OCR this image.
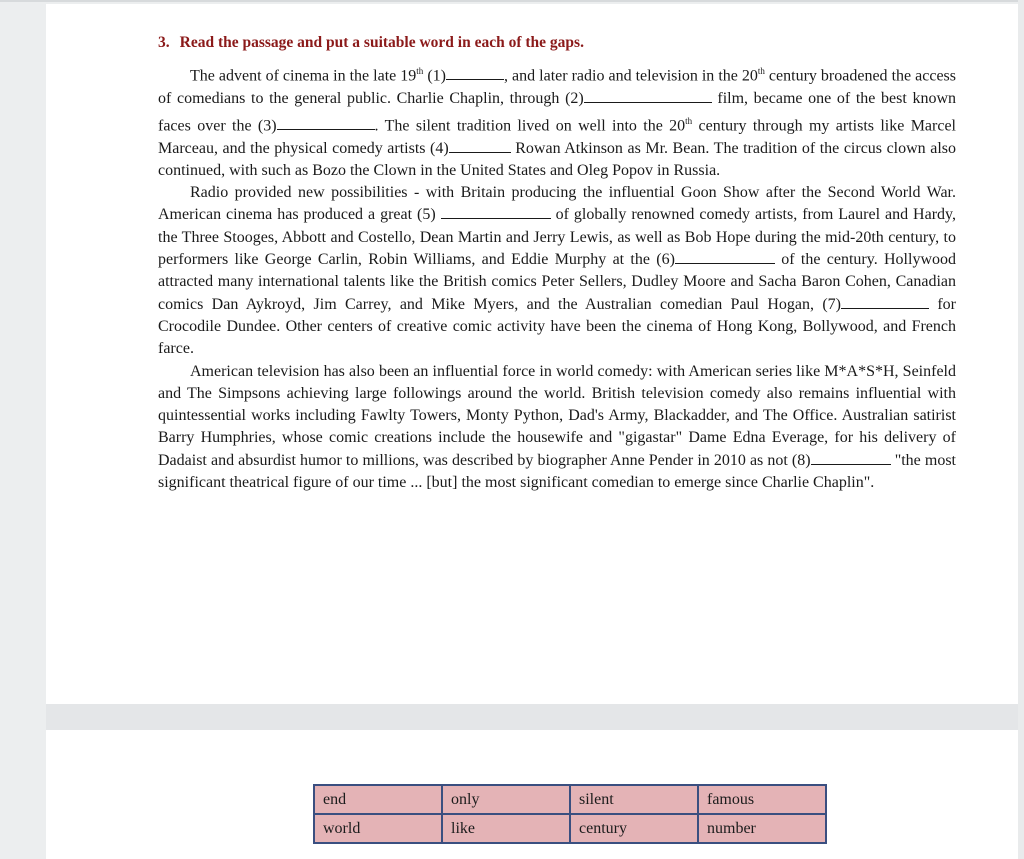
3. Read the passage and put a suitable word in each of the gaps.

The advent of cinema in the late 19th (1)	, and later radio and television in the 20th century broadened the access of comedians to the general public. Charlie Chaplin, through (2)	film, became one of the best known faces over the (3)	. The silent tradition lived on well into the 20th century through my artists like Marcel Marceau, and the physical comedy artists (4)	Rowan Atkinson as Mr. Bean. The tradition of the circus clown also continued, with such as Bozo the Clown in the United States and Oleg Popov in Russia.

Radio provided new possibilities - with Britain producing the influential Goon Show after the Second World War. American cinema has produced a great (5)	of globally renowned comedy artists, from Laurel and Hardy, the Three Stooges, Abbott and Costello, Dean Martin and Jerry Lewis, as well as Bob Hope during the mid-20th century, to performers like George Carlin, Robin Williams, and Eddie Murphy at the (6)	of the century. Hollywood attracted many international talents like the British comics Peter Sellers, Dudley Moore and Sacha Baron Cohen, Canadian comics Dan Aykroyd, Jim Carrey, and Mike Myers, and the Australian comedian Paul Hogan, (7)	for Crocodile Dundee. Other centers of creative comic activity have been the cinema of Hong Kong, Bollywood, and French farce.

American television has also been an influential force in world comedy: with American series like M*A*S*H, Seinfeld and The Simpsons achieving large followings around the world. British television comedy also remains influential with quintessential works including Fawlty Towers, Monty Python, Dad's Army, Blackadder, and The Office. Australian satirist Barry Humphries, whose comic creations include the housewife and "gigastar" Dame Edna Everage, for his delivery of Dadaist and absurdist humor to millions, was described by biographer Anne Pender in 2010 as not (8)	"the most significant theatrical figure of our time ... [but] the most significant comedian to emerge since Charlie Chaplin".

end	only	silent	famous
world	like	century	number
